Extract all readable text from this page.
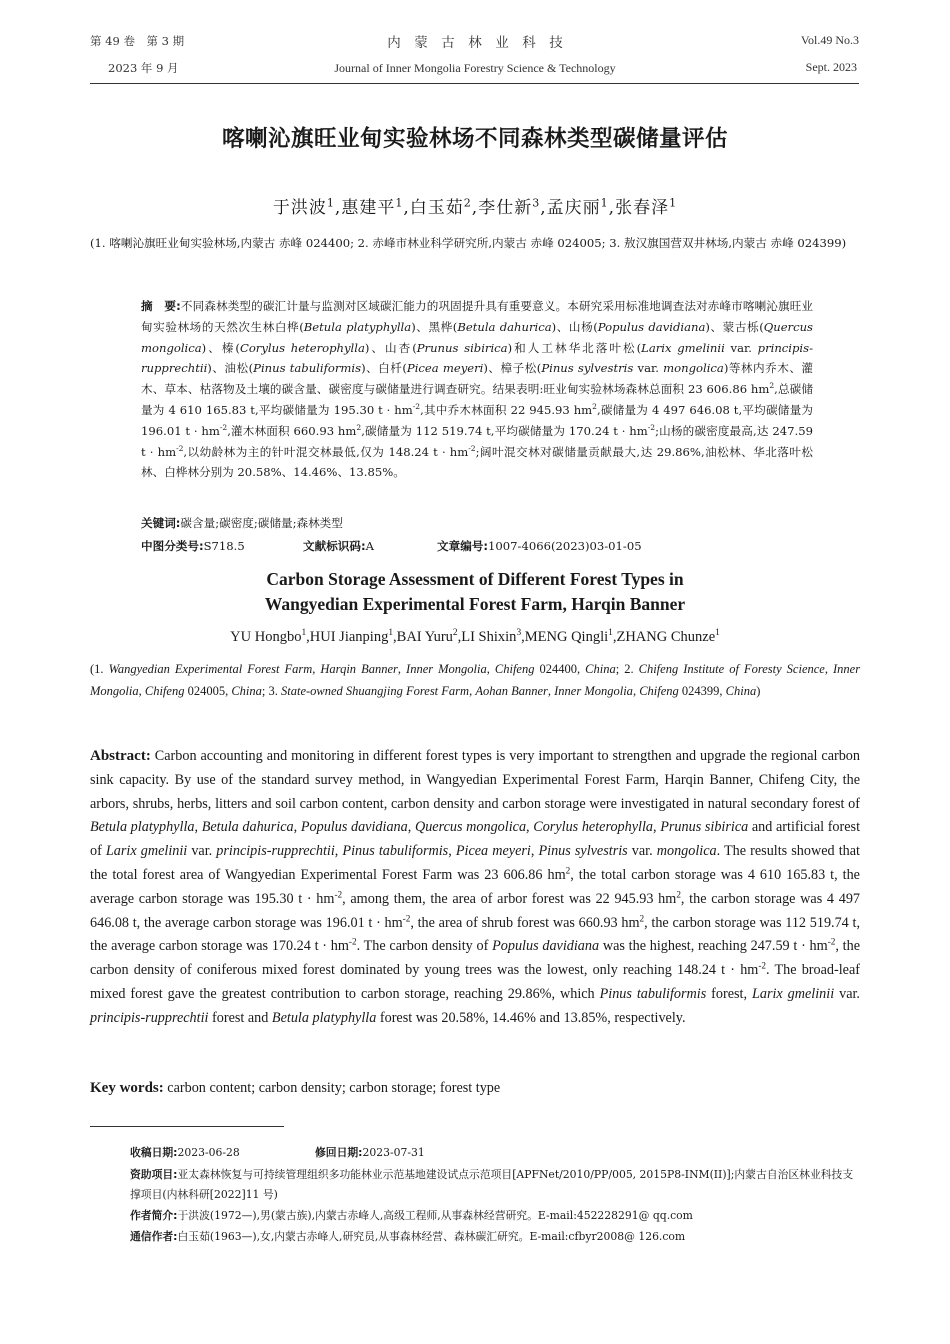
第 49 卷　第 3 期
2023 年 9 月
内　蒙　古　林　业　科　技
Journal of Inner Mongolia Forestry Science & Technology
Vol.49 No.3
Sept. 2023
喀喇沁旗旺业甸实验林场不同森林类型碳储量评估
于洪波$^1$,惠建平$^1$,白玉茹$^2$,李仕新$^3$,孟庆丽$^1$,张春泽$^1$
(1. 喀喇沁旗旺业甸实验林场,内蒙古 赤峰 024400; 2. 赤峰市林业科学研究所,内蒙古 赤峰 024005; 3. 敖汉旗国营双井林场,内蒙古 赤峰 024399)
摘　要:不同森林类型的碳汇计量与监测对区域碳汇能力的巩固提升具有重要意义。本研究采用标准地调查法对赤峰市喀喇沁旗旺业甸实验林场的天然次生林白桦(Betula platyphylla)、黑桦(Betula dahurica)、山杨(Populus davidiana)、蒙古栎(Quercus mongolica)、榛(Corylus heterophylla)、山杏(Prunus sibirica)和人工林华北落叶松(Larix gmelinii var. principis-rupprechtii)、油松(Pinus tabuliformis)、白杄(Picea meyeri)、樟子松(Pinus sylvestris var. mongolica)等林内乔木、灌木、草本、枯落物及土壤的碳含量、碳密度与碳储量进行调查研究。结果表明:旺业甸实验林场森林总面积 23 606.86 $hm^2$,总碳储量为 4 610 165.83 t,平均碳储量为 195.30 $t \cdot hm^{-2}$,其中乔木林面积 22 945.93 $hm^2$,碳储量为 4 497 646.08 t,平均碳储量为 196.01 $t \cdot hm^{-2}$,灌木林面积 660.93 $hm^2$,碳储量为 112 519.74 t,平均碳储量为 170.24 $t \cdot hm^{-2}$;山杨的碳密度最高,达 247.59 $t \cdot hm^{-2}$,以幼龄林为主的针叶混交林最低,仅为 148.24 $t \cdot hm^{-2}$;阔叶混交林对碳储量贡献最大,达 29.86%,油松林、华北落叶松林、白桦林分别为 20.58%、14.46%、13.85%。
关键词:碳含量;碳密度;碳储量;森林类型
中图分类号:S718.5	文献标识码:A	文章编号:1007-4066(2023)03-01-05
Carbon Storage Assessment of Different Forest Types in
Wangyedian Experimental Forest Farm, Harqin Banner
YU Hongbo$^1$,HUI Jianping$^1$,BAI Yuru$^2$,LI Shixin$^3$,MENG Qingli$^1$,ZHANG Chunze$^1$
(1. Wangyedian Experimental Forest Farm, Harqin Banner, Inner Mongolia, Chifeng 024400, China; 2. Chifeng Institute of Foresty Science, Inner Mongolia, Chifeng 024005, China; 3. State-owned Shuangjing Forest Farm, Aohan Banner, Inner Mongolia, Chifeng 024399, China)
Abstract: Carbon accounting and monitoring in different forest types is very important to strengthen and upgrade the regional carbon sink capacity. By use of the standard survey method, in Wangyedian Experimental Forest Farm, Harqin Banner, Chifeng City, the arbors, shrubs, herbs, litters and soil carbon content, carbon density and carbon storage were investigated in natural secondary forest of Betula platyphylla, Betula dahurica, Populus davidiana, Quercus mongolica, Corylus heterophylla, Prunus sibirica and artificial forest of Larix gmelinii var. principis-rupprechtii, Pinus tabuliformis, Picea meyeri, Pinus sylvestris var. mongolica. The results showed that the total forest area of Wangyedian Experimental Forest Farm was 23 606.86 $hm^2$, the total carbon storage was 4 610 165.83 t, the average carbon storage was 195.30 $t \cdot hm^{-2}$, among them, the area of arbor forest was 22 945.93 $hm^2$, the carbon storage was 4 497 646.08 t, the average carbon storage was 196.01 $t \cdot hm^{-2}$, the area of shrub forest was 660.93 $hm^2$, the carbon storage was 112 519.74 t, the average carbon storage was 170.24 $t \cdot hm^{-2}$. The carbon density of Populus davidiana was the highest, reaching 247.59 $t \cdot hm^{-2}$, the carbon density of coniferous mixed forest dominated by young trees was the lowest, only reaching 148.24 $t \cdot hm^{-2}$. The broad-leaf mixed forest gave the greatest contribution to carbon storage, reaching 29.86%, which Pinus tabuliformis forest, Larix gmelinii var. principis-rupprechtii forest and Betula platyphylla forest was 20.58%, 14.46% and 13.85%, respectively.
Key words: carbon content; carbon density; carbon storage; forest type
收稿日期:2023-06-28	修回日期:2023-07-31
资助项目:亚太森林恢复与可持续管理组织多功能林业示范基地建设试点示范项目[APFNet/2010/PP/005, 2015P8-INM(II)];内蒙古自治区林业科技支撑项目(内林科研[2022]11 号)
作者简介:于洪波(1972—),男(蒙古族),内蒙古赤峰人,高级工程师,从事森林经营研究。E-mail:452228291@ qq.com
通信作者:白玉茹(1963—),女,内蒙古赤峰人,研究员,从事森林经营、森林碳汇研究。E-mail:cfbyr2008@ 126.com
